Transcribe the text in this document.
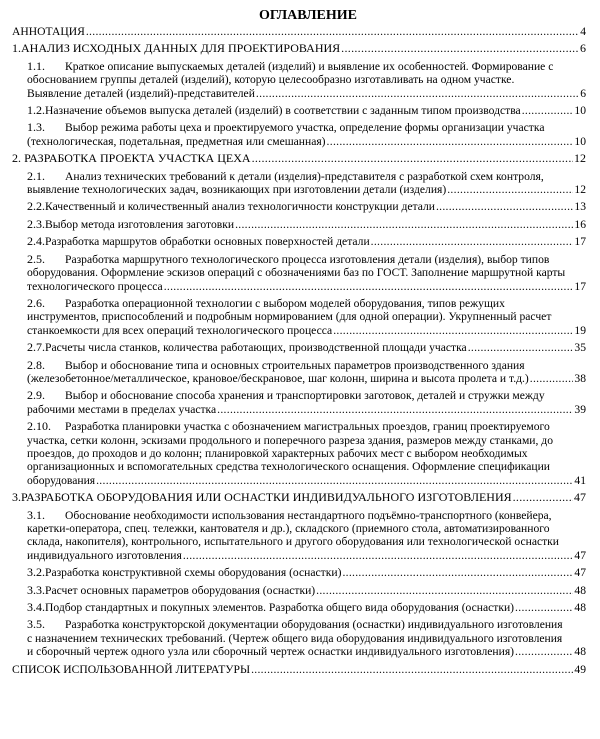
ОГЛАВЛЕНИЕ
АННОТАЦИЯ .....	4
1. АНАЛИЗ ИСХОДНЫХ ДАННЫХ ДЛЯ ПРОЕКТИРОВАНИЯ .....	6
1.1.	Краткое описание выпускаемых деталей (изделий) и выявление их особенностей. Формирование с
обоснованием группы деталей (изделий), которую целесообразно изготавливать на одном участке.
Выявление деталей (изделий)-представителей .....	6
1.2. Назначение объемов выпуска деталей (изделий) в соответствии с заданным типом производства .....	10
1.3.	Выбор режима работы цеха и проектируемого участка, определение формы организации участка
(технологическая, подетальная, предметная или смешанная) .....	10
2. РАЗРАБОТКА ПРОЕКТА УЧАСТКА ЦЕХА .....	12
2.1.	Анализ технических требований к детали (изделия)-представителя с разработкой схем контроля,
выявление технологических задач, возникающих при изготовлении детали (изделия) .....	12
2.2. Качественный и количественный анализ технологичности конструкции детали .....	13
2.3. Выбор метода изготовления заготовки .....	16
2.4. Разработка маршрутов обработки основных поверхностей детали .....	17
2.5.	Разработка маршрутного технологического процесса изготовления детали (изделия), выбор типов
оборудования. Оформление эскизов операций с обозначениями баз по ГОСТ. Заполнение маршрутной карты
технологического процесса .....	17
2.6.	Разработка операционной технологии с выбором моделей оборудования, типов режущих
инструментов, приспособлений и подробным нормированием (для одной операции). Укрупненный расчет
станкоемкости для всех операций технологического процесса .....	19
2.7. Расчеты числа станков, количества работающих, производственной площади участка .....	35
2.8.	Выбор и обоснование типа и основных строительных параметров производственного здания
(железобетонное/металлическое, крановое/бескрановое, шаг колонн, ширина и высота пролета и т.д.) .....	38
2.9.	Выбор и обоснование способа хранения и транспортировки заготовок, деталей и стружки между
рабочими местами в пределах участка .....	39
2.10.	Разработка планировки участка с обозначением магистральных проездов, границ проектируемого
участка, сетки колонн, эскизами продольного и поперечного разреза здания, размеров между станками, до
проездов, до проходов и до колонн; планировкой характерных рабочих мест с выбором необходимых
организационных и вспомогательных средства технологического оснащения. Оформление спецификации
оборудования .....	41
3. РАЗРАБОТКА ОБОРУДОВАНИЯ ИЛИ ОСНАСТКИ ИНДИВИДУАЛЬНОГО ИЗГОТОВЛЕНИЯ .....	47
3.1.	Обоснование необходимости использования нестандартного подъёмно-транспортного (конвейера,
каретки-оператора, спец. тележки, кантователя и др.), складского (приемного стола, автоматизированного
склада, накопителя), контрольного, испытательного и другого оборудования или технологической оснастки
индивидуального изготовления .....	47
3.2. Разработка конструктивной схемы оборудования (оснастки) .....	47
3.3. Расчет основных параметров оборудования (оснастки) .....	48
3.4. Подбор стандартных и покупных элементов. Разработка общего вида оборудования (оснастки) .....	48
3.5.	Разработка конструкторской документации оборудования (оснастки) индивидуального изготовления
с назначением технических требований. (Чертеж общего вида оборудования индивидуального изготовления
и сборочный чертеж одного узла или сборочный чертеж оснастки индивидуального изготовления) .....	48
СПИСОК ИСПОЛЬЗОВАННОЙ ЛИТЕРАТУРЫ .....	49
